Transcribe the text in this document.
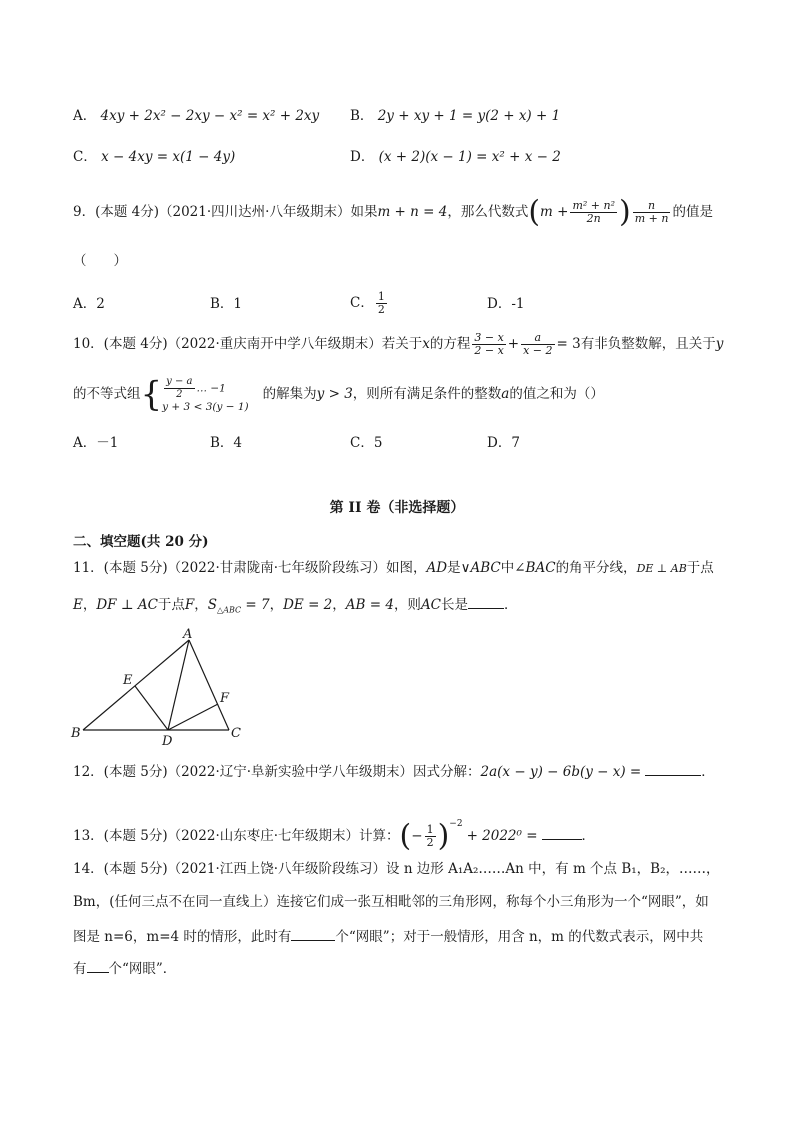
A． 4xy + 2x² − 2xy − x² = x² + 2xy B． 2y + xy + 1 = y(2 + x) + 1
C． x − 4xy = x(1 − 4y)	D． (x + 2)(x − 1) = x² + x − 2
9．(本题 4分)（2021·四川达州·八年级期末）如果m + n = 4，那么代数式($m + \frac{\text{m² + n²}}{2n}$ ) $\frac{n}{m + n}$ 的值是
（　　）
A．2	B．1	C． $\frac{1}{2}$	D．-1
10．(本题 4分)（2022·重庆南开中学八年级期末）若关于x的方程 $\frac{3 - x}{2 - x} + \frac{a}{x - 2} = 3$有非负整数解，且关于y
的不等式组{ $\frac{y - a}{2}$ … −1
y + 3 < 3(y − 1)
的解集为y > 3，则所有满足条件的整数a的值之和为（）
A．－1	B．4	C．5	D．7
第 II 卷（非选择题）
二、填空题(共 20 分)
11．(本题 5分)（2022·甘肃陇南·七年级阶段练习）如图，AD是∨ABC中∠BAC的角平分线，DE ⊥ AB于点
E，DF ⊥ AC于点F，$S_{\triangle ABC} = 7$，DE = 2，AB = 4，则AC长是	．
A
B	C
D
E
F
12．(本题 5分)（2022·辽宁·阜新实验中学八年级期末）因式分解：2a(x − y) − 6b(y − x) =	．
13．(本题 5分)（2022·山东枣庄·七年级期末）计算：(− $\frac{1}{2} )^{-2}+ 2022^0$ =	．
14．(本题 5分)（2021·江西上饶·八年级阶段练习）设 n 边形 A₁A₂……An 中，有 m 个点 B₁，B₂，……，
Bm，(任何三点不在同一直线上）连接它们成一张互相毗邻的三角形网，称每个小三角形为一个“网眼”，如
图是 n=6，m=4 时的情形，此时有	个“网眼”；对于一般情形，用含 n，m 的代数式表示，网中共
有 个“网眼”．
